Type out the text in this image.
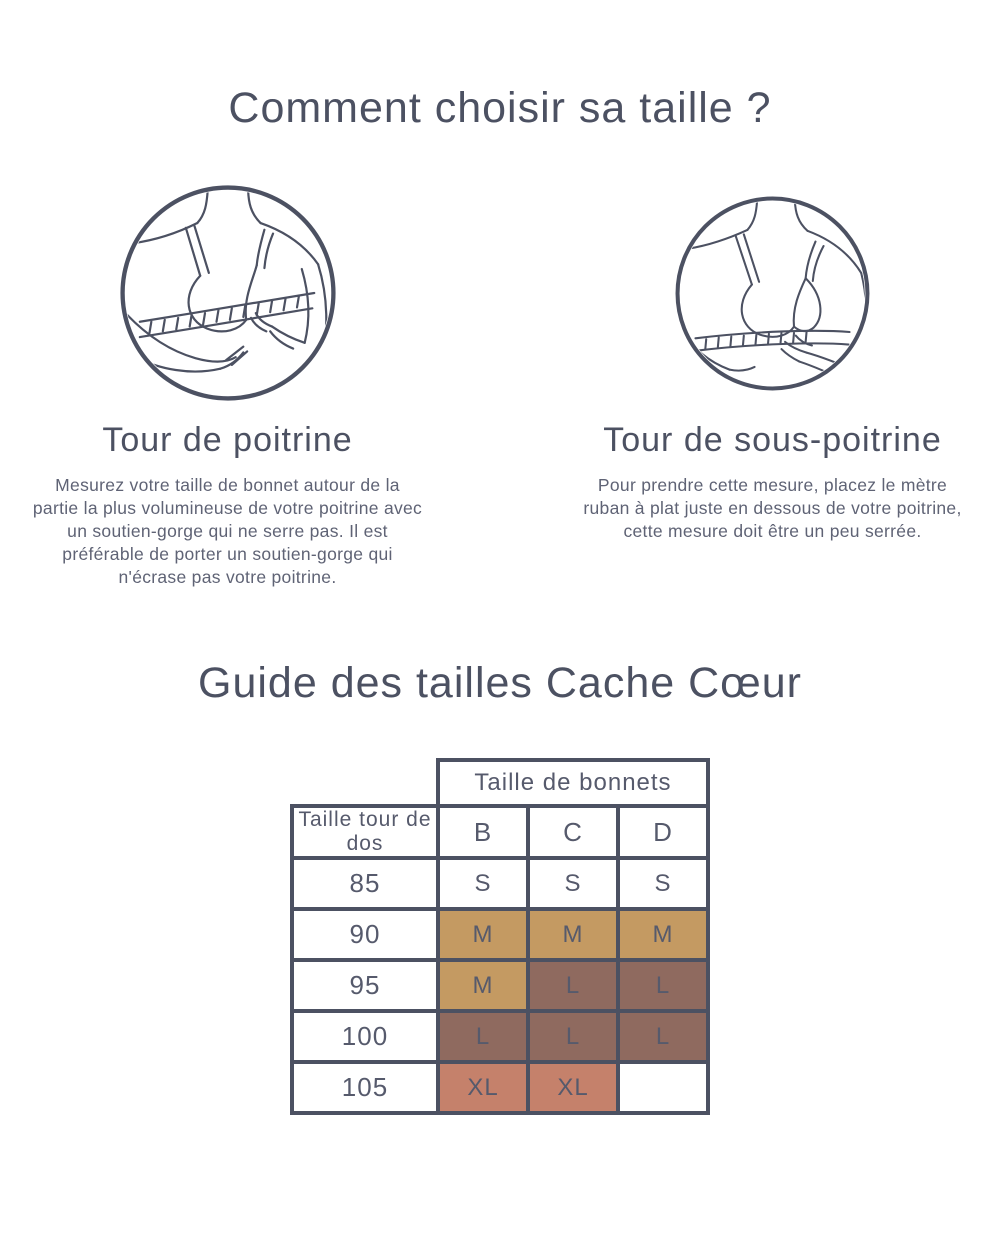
Comment choisir sa taille ?
Tour de poitrine

Mesurez votre taille de bonnet autour de la partie la plus volumineuse de votre poitrine avec un soutien-gorge qui ne serre pas. Il est préférable de porter un soutien-gorge qui n'écrase pas votre poitrine.

Tour de sous-poitrine

Pour prendre cette mesure, placez le mètre ruban à plat juste en dessous de votre poitrine, cette mesure doit être un peu serrée.

Guide des tailles Cache Cœur
	Taille de bonnets		
Taille tour de dos	B	C	D
85	S	S	S
90	M	M	M
95	M	L	L
100	L	L	L
105	XL	XL	
